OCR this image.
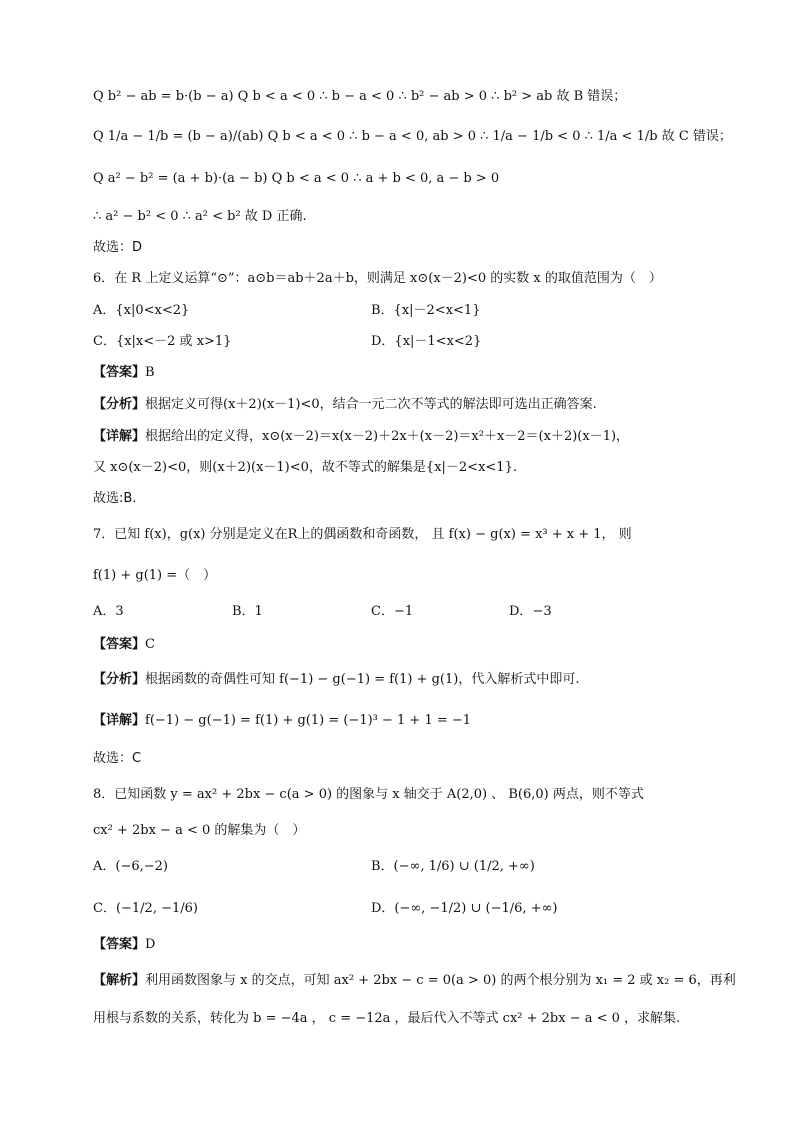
Q b² − ab = b·(b − a) Q b < a < 0 ∴ b − a < 0 ∴ b² − ab > 0 ∴ b² > ab 故 B 错误；
Q 1/a − 1/b = (b − a)/(ab) Q b < a < 0 ∴ b − a < 0, ab > 0 ∴ 1/a − 1/b < 0 ∴ 1/a < 1/b 故 C 错误；
Q a² − b² = (a + b)·(a − b) Q b < a < 0 ∴ a + b < 0, a − b > 0
∴ a² − b² < 0 ∴ a² < b² 故 D 正确.
故选：D
6．在 R 上定义运算“⊙”：a⊙b＝ab＋2a＋b，则满足 x⊙(x－2)<0 的实数 x 的取值范围为（　）
A．{x|0<x<2}	B．{x|－2<x<1}
C．{x|x<－2 或 x>1}	D．{x|－1<x<2}
【答案】B
【分析】根据定义可得(x＋2)(x－1)<0，结合一元二次不等式的解法即可选出正确答案.
【详解】根据给出的定义得，x⊙(x－2)＝x(x－2)＋2x＋(x－2)＝x²＋x－2＝(x＋2)(x－1)，
又 x⊙(x－2)<0，则(x＋2)(x－1)<0，故不等式的解集是{x|－2<x<1}.
故选:B.
7．已知 f(x)，g(x) 分别是定义在R上的偶函数和奇函数， 且 f(x) − g(x) = x³ + x + 1， 则
f(1) + g(1) =（　）
A．3	B．1	C．−1	D．−3
【答案】C
【分析】根据函数的奇偶性可知 f(−1) − g(−1) = f(1) + g(1)，代入解析式中即可.
【详解】f(−1) − g(−1) = f(1) + g(1) = (−1)³ − 1 + 1 = −1
故选：C
8．已知函数 y = ax² + 2bx − c(a > 0) 的图象与 x 轴交于 A(2,0) 、 B(6,0) 两点，则不等式
cx² + 2bx − a < 0 的解集为（　）
A．(−6,−2)	B．(−∞, 1/6) ∪ (1/2, +∞)
C．(−1/2, −1/6)	D．(−∞, −1/2) ∪ (−1/6, +∞)
【答案】D
【解析】利用函数图象与 x 的交点，可知 ax² + 2bx − c = 0(a > 0) 的两个根分别为 x₁ = 2 或 x₂ = 6，再利
用根与系数的关系，转化为 b = −4a ， c = −12a ，最后代入不等式 cx² + 2bx − a < 0 ，求解集.
